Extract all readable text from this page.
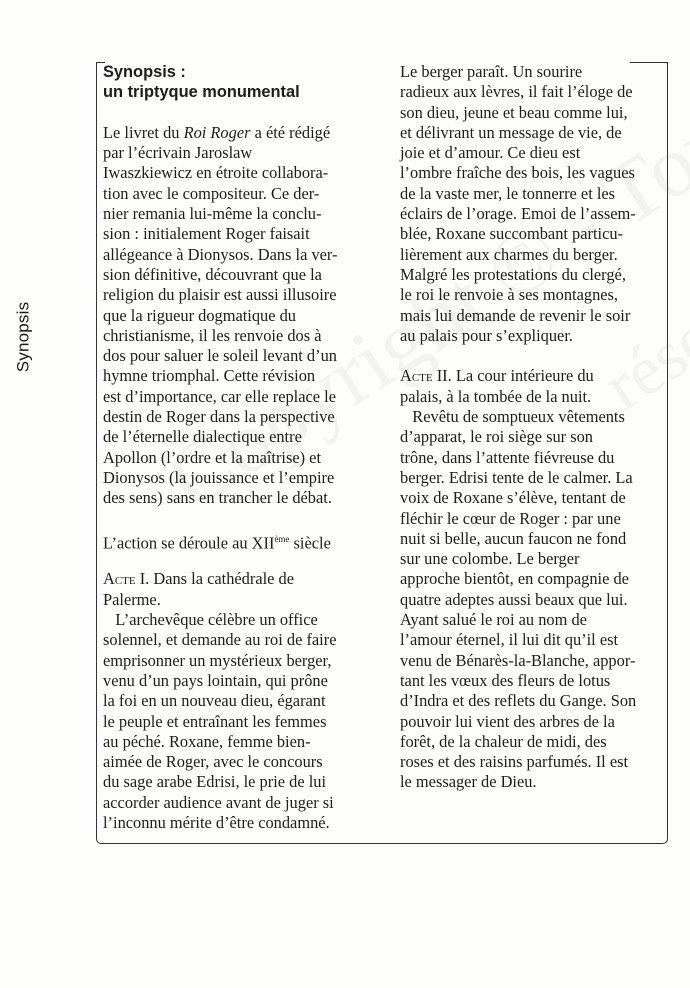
Synopsis
Synopsis :
un triptyque monumental
Le livret du Roi Roger a été rédigé
par l’écrivain Jaroslaw
Iwaszkiewicz en étroite collabora-
tion avec le compositeur. Ce der-
nier remania lui-même la conclu-
sion : initialement Roger faisait
allégeance à Dionysos. Dans la ver-
sion définitive, découvrant que la
religion du plaisir est aussi illusoire
que la rigueur dogmatique du
christianisme, il les renvoie dos à
dos pour saluer le soleil levant d’un
hymne triomphal. Cette révision
est d’importance, car elle replace le
destin de Roger dans la perspective
de l’éternelle dialectique entre
Apollon (l’ordre et la maîtrise) et
Dionysos (la jouissance et l’empire
des sens) sans en trancher le débat.
L’action se déroule au XIIème siècle
Acte I. Dans la cathédrale de
Palerme.
L’archevêque célèbre un office
solennel, et demande au roi de faire
emprisonner un mystérieux berger,
venu d’un pays lointain, qui prône
la foi en un nouveau dieu, égarant
le peuple et entraînant les femmes
au péché. Roxane, femme bien-
aimée de Roger, avec le concours
du sage arabe Edrisi, le prie de lui
accorder audience avant de juger si
l’inconnu mérite d’être condamné.
Le berger paraît. Un sourire
radieux aux lèvres, il fait l’éloge de
son dieu, jeune et beau comme lui,
et délivrant un message de vie, de
joie et d’amour. Ce dieu est
l’ombre fraîche des bois, les vagues
de la vaste mer, le tonnerre et les
éclairs de l’orage. Emoi de l’assem-
blée, Roxane succombant particu-
lièrement aux charmes du berger.
Malgré les protestations du clergé,
le roi le renvoie à ses montagnes,
mais lui demande de revenir le soir
au palais pour s’expliquer.
Acte II. La cour intérieure du
palais, à la tombée de la nuit.
Revêtu de somptueux vêtements
d’apparat, le roi siège sur son
trône, dans l’attente fiévreuse du
berger. Edrisi tente de le calmer. La
voix de Roxane s’élève, tentant de
fléchir le cœur de Roger : par une
nuit si belle, aucun faucon ne fond
sur une colombe. Le berger
approche bientôt, en compagnie de
quatre adeptes aussi beaux que lui.
Ayant salué le roi au nom de
l’amour éternel, il lui dit qu’il est
venu de Bénarès-la-Blanche, appor-
tant les vœux des fleurs de lotus
d’Indra et des reflets du Gange. Son
pouvoir lui vient des arbres de la
forêt, de la chaleur de midi, des
roses et des raisins parfumés. Il est
le messager de Dieu.
